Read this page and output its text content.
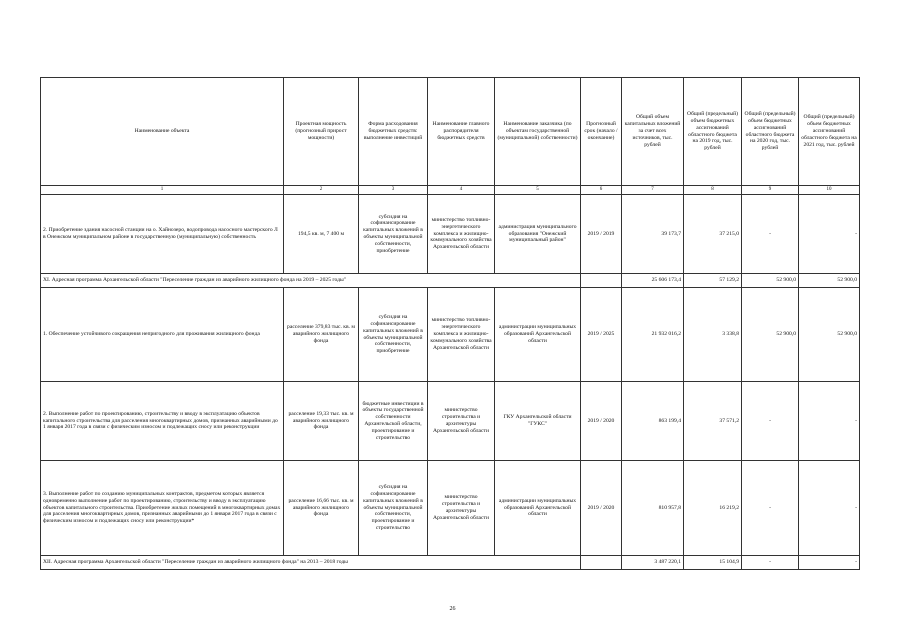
Наименование объекта	Проектная мощность (прогнозный прирост мощности)	Форма расходования бюджетных средств: выполнение инвестиций	Наименование главного распорядителя бюджетных средств	Наименование заказчика (по объектам государственной (муниципальной) собственности)	Прогнозный срок (начало / окончание)	Общий объем капитальных вложений за счет всех источников, тыс. рублей	Общий (предельный) объем бюджетных ассигнований областного бюджета на 2019 год, тыс. рублей	Общий (предельный) объем бюджетных ассигнований областного бюджета на 2020 год, тыс. рублей	Общий (предельный) объем бюджетных ассигнований областного бюджета на 2021 год, тыс. рублей
1	2	3	4	5	6	7	8	9	10
2. Приобретение здания насосной станции на о. Хайнозеро, водопровода насосного мастерского Л в Онежском муниципальном районе в государственную (муниципальную) собственность	194,5 кв. м, 7 400 м	субсидия на софинансирование капитальных вложений в объекты муниципальной собственности, приобретение	министерство топливно-энергетического комплекса и жилищно-коммунального хозяйства Архангельской области	администрация муниципального образования "Онежский муниципальный район"	2019 / 2019	39 173,7	37 215,0	-	-
XI. Адресная программа Архангельской области "Переселение граждан из аварийного жилищного фонда на 2019 – 2025 годы"						25 606 173,4	57 129,2	52 900,0	52 900,0
1. Обеспечение устойчивого сокращения непригодного для проживания жилищного фонда	расселение 379,83 тыс. кв. м аварийного жилищного фонда	субсидия на софинансирование капитальных вложений в объекты муниципальной собственности, приобретение	министерство топливно-энергетического комплекса и жилищно-коммунального хозяйства Архангельской области	администрации муниципальных образований Архангельской области	2019 / 2025	21 932 016,2	3 338,8	52 900,0	52 900,0
2. Выполнение работ по проектированию, строительству и вводу в эксплуатацию объектов капитального строительства для расселения многоквартирных домов, признанных аварийными до 1 января 2017 года в связи с физическим износом и подлежащих сносу или реконструкции	расселение 19,33 тыс. кв. м аварийного жилищного фонда	бюджетные инвестиции в объекты государственной собственности Архангельской области, проектирование и строительство	министерство строительства и архитектуры Архангельской области	ГКУ Архангельской области "ГУКС"	2019 / 2020	863 199,4	37 571,2	-	-
3. Выполнение работ по созданию муниципальных контрактов, предметом которых является одновременно выполнение работ по проектированию, строительству и вводу в эксплуатацию объектов капитального строительства. Приобретение жилых помещений в многоквартирных домах для расселения многоквартирных домов, признанных аварийными до 1 января 2017 года в связи с физическим износом и подлежащих сносу или реконструкции*	расселение 16,66 тыс. кв. м аварийного жилищного фонда	субсидия на софинансирование капитальных вложений в объекты муниципальной собственности, проектирование и строительство	министерство строительства и архитектуры Архангельской области	администрации муниципальных образований Архангельской области	2019 / 2020	810 957,8	16 219,2	-	-
XII. Адресная программа Архангельской области "Переселение граждан из аварийного жилищного фонда" на 2013 – 2018 годы						3 487 220,1	15 104,9	-	-
26
